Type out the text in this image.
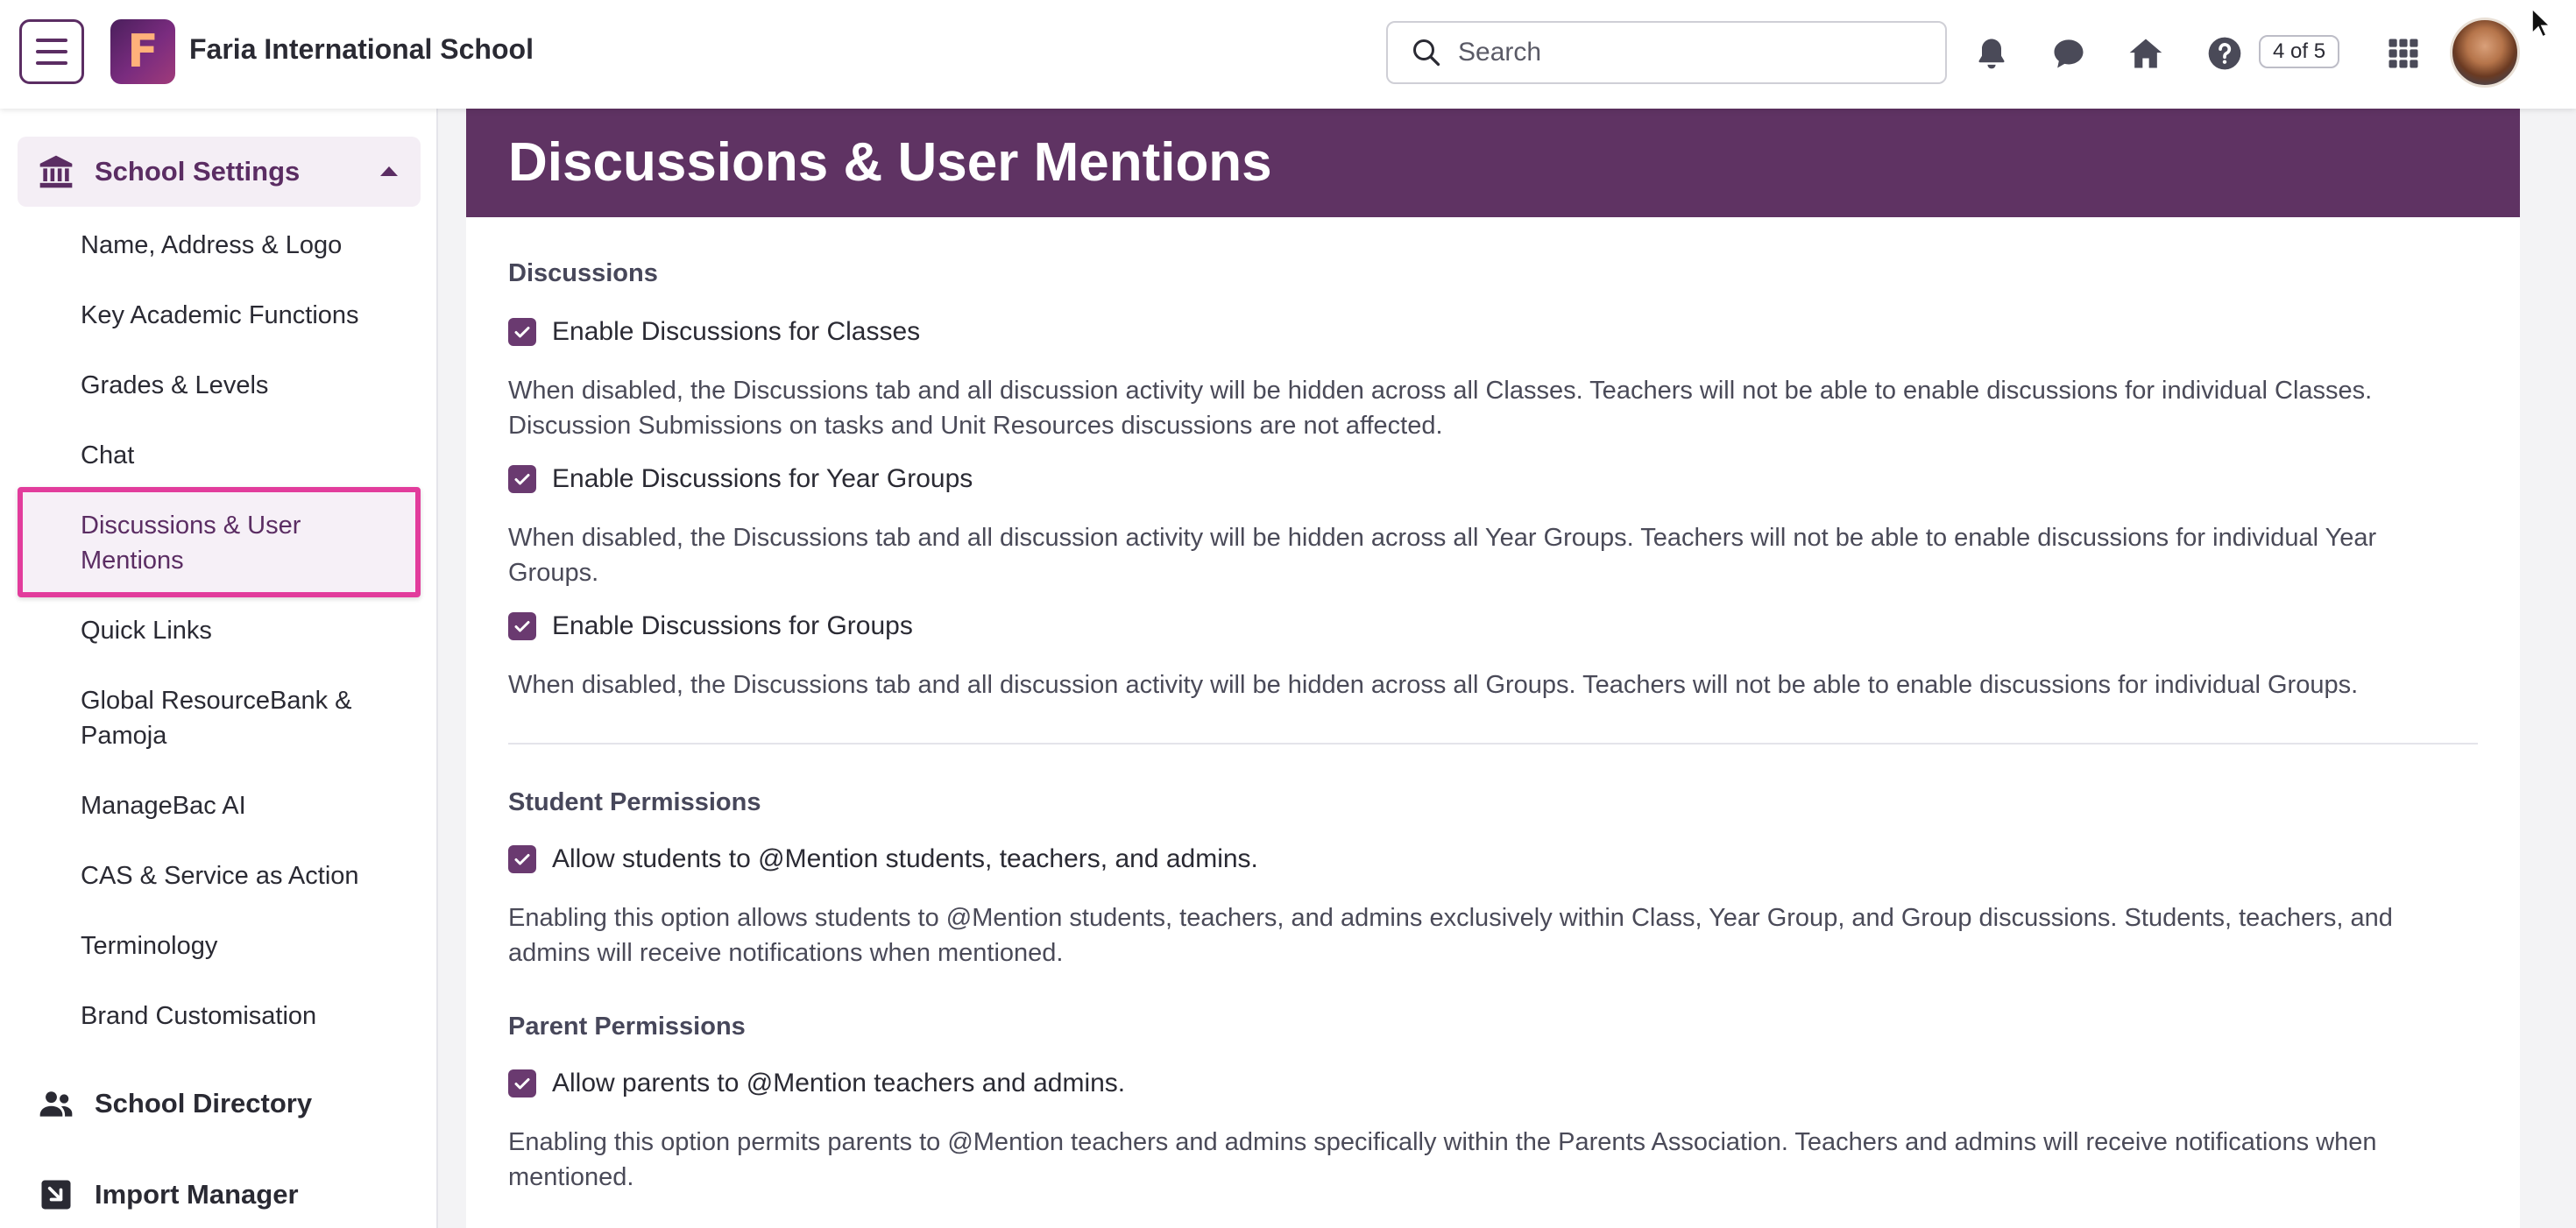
F	Faria International School
Search	4 of 5
School Settings
Name, Address & Logo
Key Academic Functions
Grades & Levels
Chat
Discussions & User Mentions
Quick Links
Global ResourceBank & Pamoja
ManageBac AI
CAS & Service as Action
Terminology
Brand Customisation
School Directory
Import Manager
Discussions & User Mentions
Discussions
Enable Discussions for Classes
When disabled, the Discussions tab and all discussion activity will be hidden across all Classes. Teachers will not be able to enable discussions for individual Classes.
Discussion Submissions on tasks and Unit Resources discussions are not affected.
Enable Discussions for Year Groups
When disabled, the Discussions tab and all discussion activity will be hidden across all Year Groups. Teachers will not be able to enable discussions for individual Year
Groups.
Enable Discussions for Groups
When disabled, the Discussions tab and all discussion activity will be hidden across all Groups. Teachers will not be able to enable discussions for individual Groups.
Student Permissions
Allow students to @Mention students, teachers, and admins.
Enabling this option allows students to @Mention students, teachers, and admins exclusively within Class, Year Group, and Group discussions. Students, teachers, and
admins will receive notifications when mentioned.
Parent Permissions
Allow parents to @Mention teachers and admins.
Enabling this option permits parents to @Mention teachers and admins specifically within the Parents Association. Teachers and admins will receive notifications when
mentioned.
